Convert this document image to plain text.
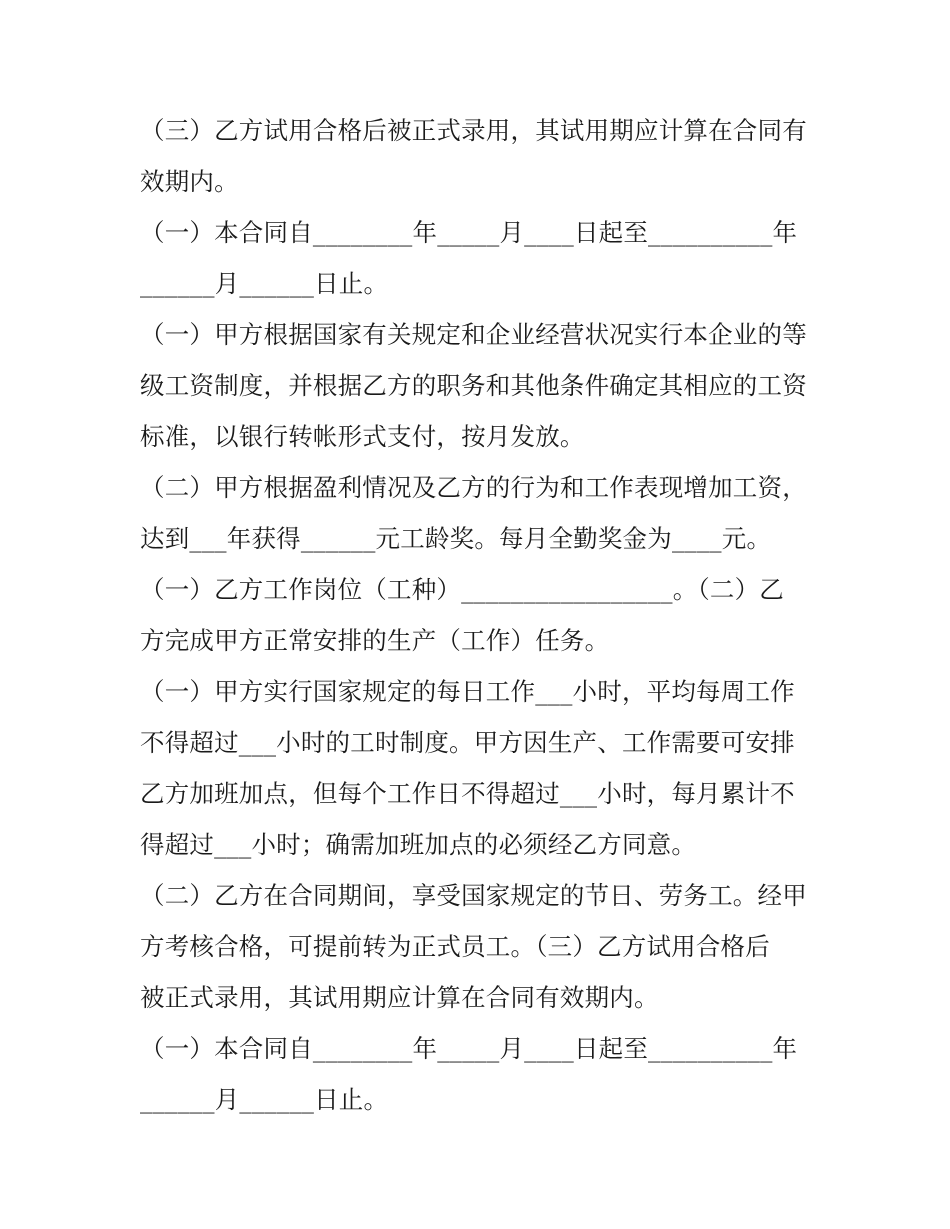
（三）乙方试用合格后被正式录用，其试用期应计算在合同有
效期内。
（一）本合同自________年_____月____日起至__________年
______月______日止。
（一）甲方根据国家有关规定和企业经营状况实行本企业的等
级工资制度，并根据乙方的职务和其他条件确定其相应的工资
标准，以银行转帐形式支付，按月发放。
（二）甲方根据盈利情况及乙方的行为和工作表现增加工资，
达到___年获得______元工龄奖。每月全勤奖金为____元。
（一）乙方工作岗位（工种）_________________。（二）乙
方完成甲方正常安排的生产（工作）任务。
（一）甲方实行国家规定的每日工作___小时，平均每周工作
不得超过___小时的工时制度。甲方因生产、工作需要可安排
乙方加班加点，但每个工作日不得超过___小时，每月累计不
得超过___小时；确需加班加点的必须经乙方同意。
（二）乙方在合同期间，享受国家规定的节日、劳务工。经甲
方考核合格，可提前转为正式员工。（三）乙方试用合格后
被正式录用，其试用期应计算在合同有效期内。
（一）本合同自________年_____月____日起至__________年
______月______日止。
